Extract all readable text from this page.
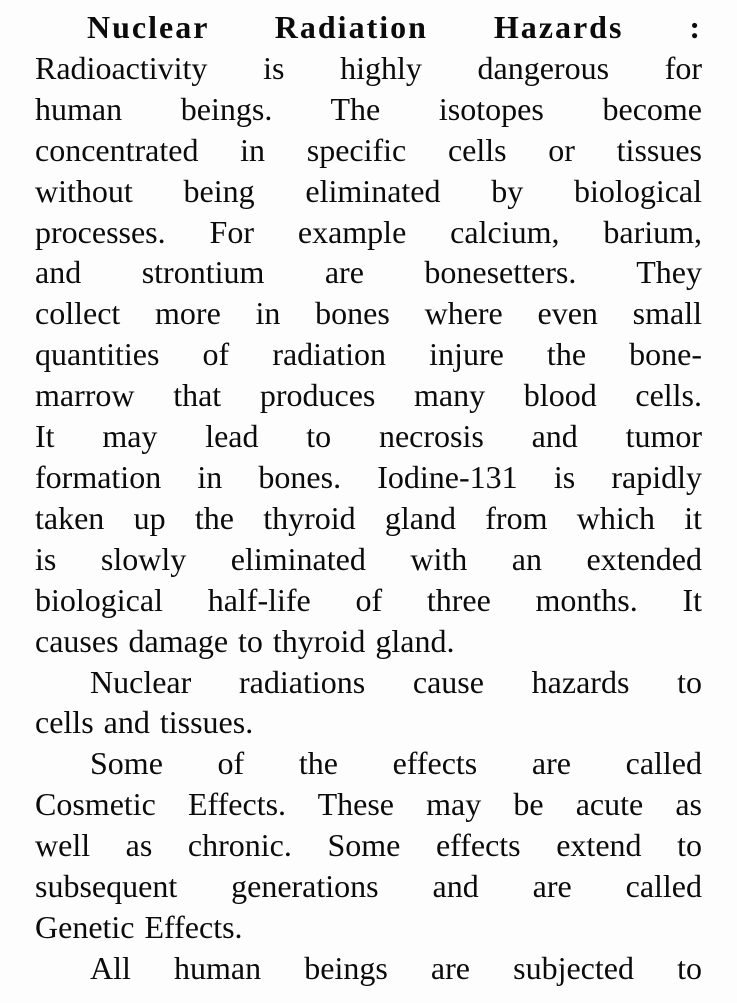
Nuclear Radiation Hazards :
Radioactivity is highly dangerous for
human beings. The isotopes become
concentrated in specific cells or tissues
without being eliminated by biological
processes. For example calcium, barium,
and strontium are bonesetters. They
collect more in bones where even small
quantities of radiation injure the bone-
marrow that produces many blood cells.
It may lead to necrosis and tumor
formation in bones. Iodine-131 is rapidly
taken up the thyroid gland from which it
is slowly eliminated with an extended
biological half-life of three months. It
causes damage to thyroid gland.
Nuclear radiations cause hazards to
cells and tissues.
Some of the effects are called
Cosmetic Effects. These may be acute as
well as chronic. Some effects extend to
subsequent generations and are called
Genetic Effects.
All human beings are subjected to
